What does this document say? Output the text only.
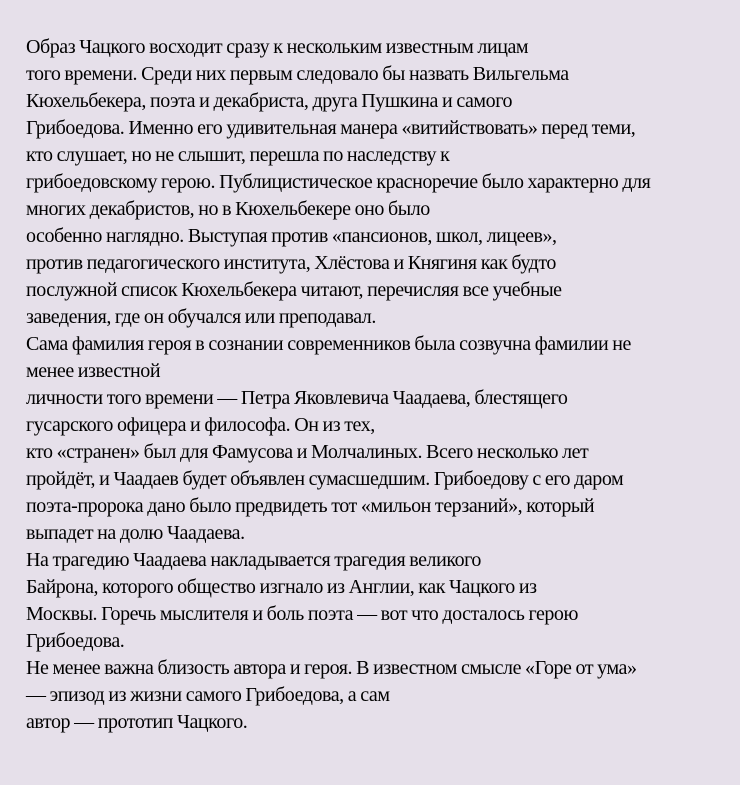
Образ Чацкого восходит сразу к нескольким известным лицам
того времени. Среди них первым следовало бы назвать Вильгельма
Кюхельбекера, поэта и декабриста, друга Пушкина и самого
Грибоедова. Именно его удивительная манера «витийствовать» перед теми,
кто слушает, но не слышит, перешла по наследству к
грибоедовскому герою. Публицистическое красноречие было характерно для
многих декабристов, но в Кюхельбекере оно было
особенно наглядно. Выступая против «пансионов, школ, лицеев»,
против педагогического института, Хлёстова и Княгиня как будто
послужной список Кюхельбекера читают, перечисляя все учебные
заведения, где он обучался или преподавал.
Сама фамилия героя в сознании современников была созвучна фамилии не
менее известной
личности того времени — Петра Яковлевича Чаадаева, блестящего
гусарского офицера и философа. Он из тех,
кто «странен» был для Фамусова и Молчалиных. Всего несколько лет
пройдёт, и Чаадаев будет объявлен сумасшедшим. Грибоедову с его даром
поэта-пророка дано было предвидеть тот «мильон терзаний», который
выпадет на долю Чаадаева.
На трагедию Чаадаева накладывается трагедия великого
Байрона, которого общество изгнало из Англии, как Чацкого из
Москвы. Горечь мыслителя и боль поэта — вот что досталось герою
Грибоедова.
Не менее важна близость автора и героя. В известном смысле «Горе от ума»
— эпизод из жизни самого Грибоедова, а сам
автор — прототип Чацкого.
